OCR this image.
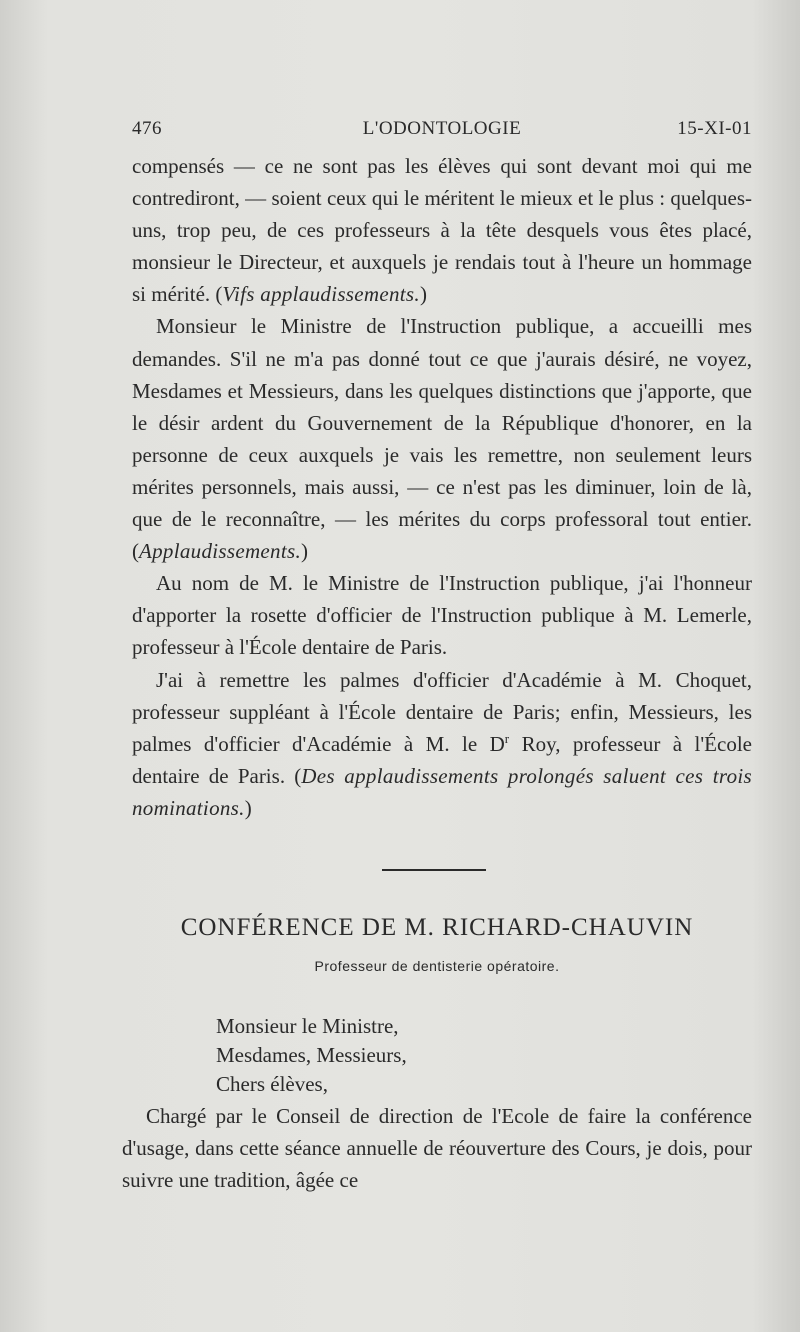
476	L'ODONTOLOGIE	15-XI-01

compensés — ce ne sont pas les élèves qui sont devant moi qui me contrediront, — soient ceux qui le méritent le mieux et le plus : quelques-uns, trop peu, de ces professeurs à la tête desquels vous êtes placé, monsieur le Directeur, et auxquels je rendais tout à l'heure un hommage si mérité. (Vifs applaudissements.)

Monsieur le Ministre de l'Instruction publique, a accueilli mes demandes. S'il ne m'a pas donné tout ce que j'aurais désiré, ne voyez, Mesdames et Messieurs, dans les quelques distinctions que j'apporte, que le désir ardent du Gouvernement de la République d'honorer, en la personne de ceux auxquels je vais les remettre, non seulement leurs mérites personnels, mais aussi, — ce n'est pas les diminuer, loin de là, que de le reconnaître, — les mérites du corps professoral tout entier. (Applaudissements.)

Au nom de M. le Ministre de l'Instruction publique, j'ai l'honneur d'apporter la rosette d'officier de l'Instruction publique à M. Lemerle, professeur à l'École dentaire de Paris.

J'ai à remettre les palmes d'officier d'Académie à M. Choquet, professeur suppléant à l'École dentaire de Paris; enfin, Messieurs, les palmes d'officier d'Académie à M. le $D^r$ Roy, professeur à l'École dentaire de Paris. (Des applaudissements prolongés saluent ces trois nominations.)

CONFÉRENCE DE M. RICHARD-CHAUVIN
Professeur de dentisterie opératoire.
Monsieur le Ministre,
Mesdames, Messieurs,
Chers élèves,

Chargé par le Conseil de direction de l'Ecole de faire la conférence d'usage, dans cette séance annuelle de réouverture des Cours, je dois, pour suivre une tradition, âgée ce
